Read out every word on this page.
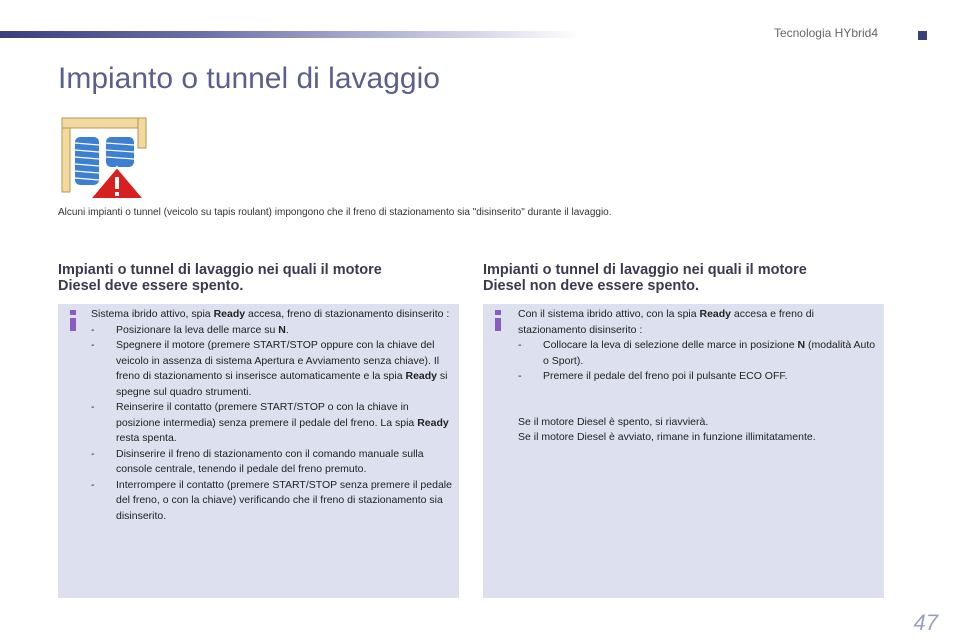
Tecnologia HYbrid4
Impianto o tunnel di lavaggio
Alcuni impianti o tunnel (veicolo su tapis roulant) impongono che il freno di stazionamento sia "disinserito" durante il lavaggio.
Impianti o tunnel di lavaggio nei quali il motore
Diesel deve essere spento.
Impianti o tunnel di lavaggio nei quali il motore
Diesel non deve essere spento.

Sistema ibrido attivo, spia Ready accesa, freno di stazionamento disinserito :

- Posizionare la leva delle marce su N.
- Spegnere il motore (premere START/STOP oppure con la chiave del veicolo in assenza di sistema Apertura e Avviamento senza chiave). Il freno di stazionamento si inserisce automaticamente e la spia Ready si spegne sul quadro strumenti.
- Reinserire il contatto (premere START/STOP o con la chiave in posizione intermedia) senza premere il pedale del freno. La spia Ready resta spenta.
- Disinserire il freno di stazionamento con il comando manuale sulla console centrale, tenendo il pedale del freno premuto.
- Interrompere il contatto (premere START/STOP senza premere il pedale del freno, o con la chiave) verificando che il freno di stazionamento sia disinserito.

Con il sistema ibrido attivo, con la spia Ready accesa e freno di stazionamento disinserito :

- Collocare la leva di selezione delle marce in posizione N (modalità Auto o Sport).
- Premere il pedale del freno poi il pulsante ECO OFF.

Se il motore Diesel è spento, si riavvierà.

Se il motore Diesel è avviato, rimane in funzione illimitatamente.

47
